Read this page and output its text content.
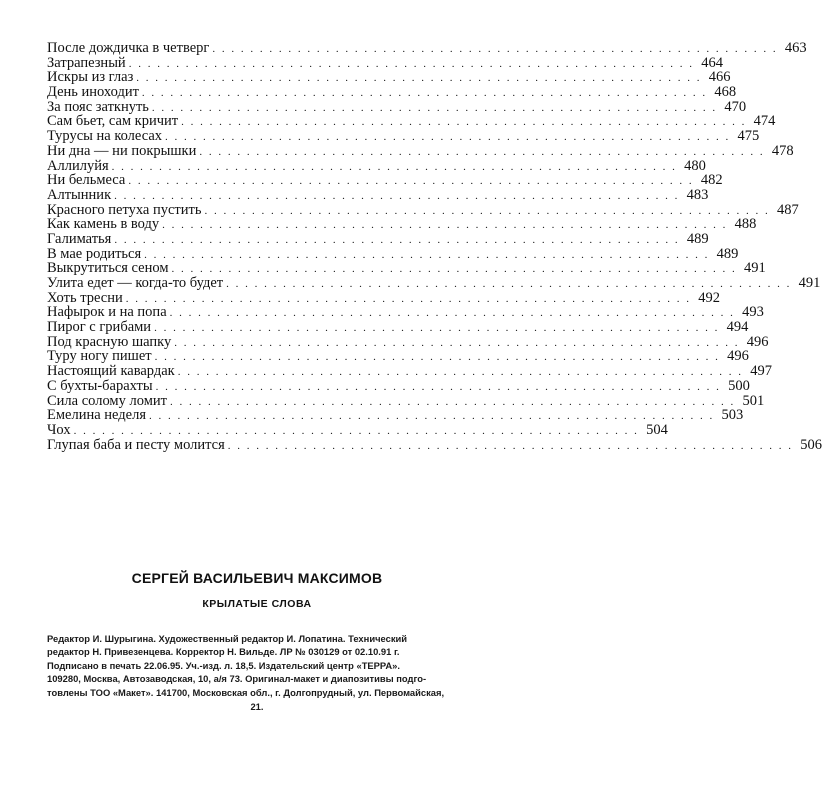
После дождичка в четверг . . . . . . . . . . . . . . . . . . . . . . . . . . . . . . . . . . . . . . . . . . . . . . . . . . . . . . . . . . . . 463
Затрапезный . . . . . . . . . . . . . . . . . . . . . . . . . . . . . . . . . . . . . . . . . . . . . . . . . . . . . . . . . . . . 464
Искры из глаз . . . . . . . . . . . . . . . . . . . . . . . . . . . . . . . . . . . . . . . . . . . . . . . . . . . . . . . . . . . . 466
День иноходит . . . . . . . . . . . . . . . . . . . . . . . . . . . . . . . . . . . . . . . . . . . . . . . . . . . . . . . . . . . . 468
За пояс заткнуть . . . . . . . . . . . . . . . . . . . . . . . . . . . . . . . . . . . . . . . . . . . . . . . . . . . . . . . . . . . . 470
Сам бьет, сам кричит . . . . . . . . . . . . . . . . . . . . . . . . . . . . . . . . . . . . . . . . . . . . . . . . . . . . . . . . . . . . 474
Турусы на колесах . . . . . . . . . . . . . . . . . . . . . . . . . . . . . . . . . . . . . . . . . . . . . . . . . . . . . . . . . . . . 475
Ни дна — ни покрышки . . . . . . . . . . . . . . . . . . . . . . . . . . . . . . . . . . . . . . . . . . . . . . . . . . . . . . . . . . . . 478
Аллилуйя . . . . . . . . . . . . . . . . . . . . . . . . . . . . . . . . . . . . . . . . . . . . . . . . . . . . . . . . . . . . 480
Ни бельмеса . . . . . . . . . . . . . . . . . . . . . . . . . . . . . . . . . . . . . . . . . . . . . . . . . . . . . . . . . . . . 482
Алтынник . . . . . . . . . . . . . . . . . . . . . . . . . . . . . . . . . . . . . . . . . . . . . . . . . . . . . . . . . . . . 483
Красного петуха пустить . . . . . . . . . . . . . . . . . . . . . . . . . . . . . . . . . . . . . . . . . . . . . . . . . . . . . . . . . . . . 487
Как камень в воду . . . . . . . . . . . . . . . . . . . . . . . . . . . . . . . . . . . . . . . . . . . . . . . . . . . . . . . . . . . . 488
Галиматья . . . . . . . . . . . . . . . . . . . . . . . . . . . . . . . . . . . . . . . . . . . . . . . . . . . . . . . . . . . . 489
В мае родиться . . . . . . . . . . . . . . . . . . . . . . . . . . . . . . . . . . . . . . . . . . . . . . . . . . . . . . . . . . . . 489
Выкрутиться сеном . . . . . . . . . . . . . . . . . . . . . . . . . . . . . . . . . . . . . . . . . . . . . . . . . . . . . . . . . . . . 491
Улита едет — когда-то будет . . . . . . . . . . . . . . . . . . . . . . . . . . . . . . . . . . . . . . . . . . . . . . . . . . . . . . . . . . . . 491
Хоть тресни . . . . . . . . . . . . . . . . . . . . . . . . . . . . . . . . . . . . . . . . . . . . . . . . . . . . . . . . . . . . 492
Нафырок и на попа . . . . . . . . . . . . . . . . . . . . . . . . . . . . . . . . . . . . . . . . . . . . . . . . . . . . . . . . . . . . 493
Пирог с грибами . . . . . . . . . . . . . . . . . . . . . . . . . . . . . . . . . . . . . . . . . . . . . . . . . . . . . . . . . . . . 494
Под красную шапку . . . . . . . . . . . . . . . . . . . . . . . . . . . . . . . . . . . . . . . . . . . . . . . . . . . . . . . . . . . . 496
Туру ногу пишет . . . . . . . . . . . . . . . . . . . . . . . . . . . . . . . . . . . . . . . . . . . . . . . . . . . . . . . . . . . . 496
Настоящий кавардак . . . . . . . . . . . . . . . . . . . . . . . . . . . . . . . . . . . . . . . . . . . . . . . . . . . . . . . . . . . . 497
С бухты-барахты . . . . . . . . . . . . . . . . . . . . . . . . . . . . . . . . . . . . . . . . . . . . . . . . . . . . . . . . . . . . 500
Сила солому ломит . . . . . . . . . . . . . . . . . . . . . . . . . . . . . . . . . . . . . . . . . . . . . . . . . . . . . . . . . . . . 501
Емелина неделя . . . . . . . . . . . . . . . . . . . . . . . . . . . . . . . . . . . . . . . . . . . . . . . . . . . . . . . . . . . . 503
Чох . . . . . . . . . . . . . . . . . . . . . . . . . . . . . . . . . . . . . . . . . . . . . . . . . . . . . . . . . . . . 504
Глупая баба и песту молится . . . . . . . . . . . . . . . . . . . . . . . . . . . . . . . . . . . . . . . . . . . . . . . . . . . . . . . . . . . . 506
СЕРГЕЙ ВАСИЛЬЕВИЧ МАКСИМОВ
КРЫЛАТЫЕ СЛОВА
Редактор И. Шурыгина. Художественный редактор И. Лопатина. Технический
редактор Н. Привезенцева. Корректор Н. Вильде. ЛР № 030129 от 02.10.91 г.
Подписано в печать 22.06.95. Уч.-изд. л. 18,5. Издательский центр «ТЕРРА».
109280, Москва, Автозаводская, 10, а/я 73. Оригинал-макет и диапозитивы подго-
товлены ТОО «Макет». 141700, Московская обл., г. Долгопрудный, ул. Первомайская,
21.
